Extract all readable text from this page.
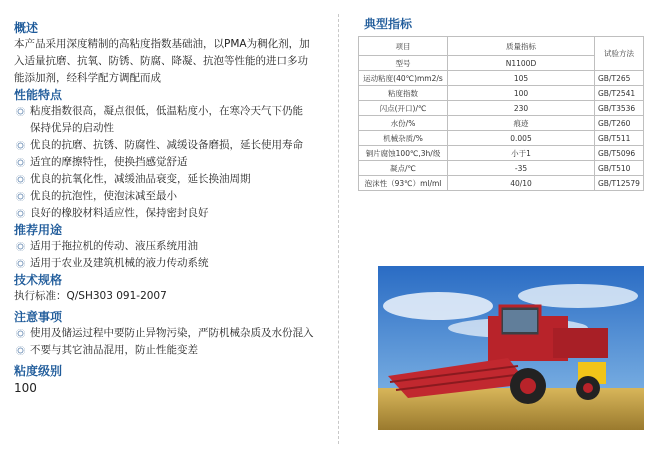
概述

本产品采用深度精制的高粘度指数基础油，以PMA为稠化剂，加

入适量抗磨、抗氧、防锈、防腐、降凝、抗泡等性能的进口多功

能添加剂，经科学配方调配而成

性能特点

粘度指数很高，凝点很低，低温粘度小，在寒冷天气下仍能

保持优异的启动性

优良的抗磨、抗锈、防腐性、减缓设备磨损，延长使用寿命

适宜的摩擦特性，使换挡感觉舒适

优良的抗氧化性，减缓油品衰变，延长换油周期

优良的抗泡性，使泡沫减至最小

良好的橡胶材料适应性，保持密封良好

推荐用途

适用于拖拉机的传动、液压系统用油

适用于农业及建筑机械的液力传动系统

技术规格

执行标准：Q/SH303 091-2007

注意事项

使用及储运过程中要防止异物污染，严防机械杂质及水份混入

不要与其它油品混用，防止性能变差

粘度级别

100

典型指标
项目	质量指标	试验方法
型号	N1100D	
运动粘度(40℃)mm2/s	105	GB/T265
粘度指数	100	GB/T2541
闪点(开口)/℃	230	GB/T3536
水份/%	痕迹	GB/T260
机械杂质/%	0.005	GB/T511
铜片腐蚀100℃,3h/级	小于1	GB/T5096
凝点/℃	-35	GB/T510
泡沫性（93℃）ml/ml	40/10	GB/T12579
